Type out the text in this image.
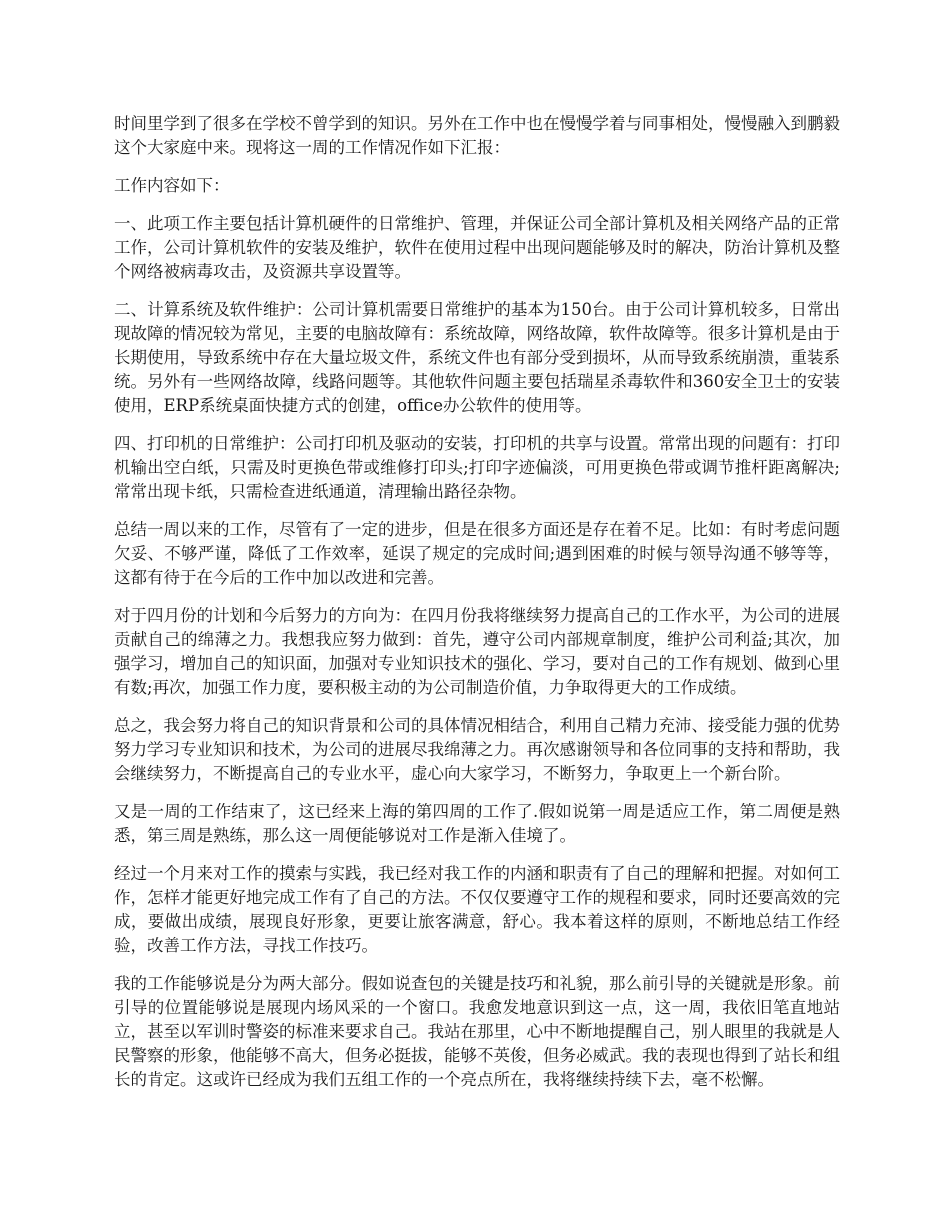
时间里学到了很多在学校不曾学到的知识。另外在工作中也在慢慢学着与同事相处，慢慢融入到鹏毅这个大家庭中来。现将这一周的工作情况作如下汇报：

工作内容如下：

一、此项工作主要包括计算机硬件的日常维护、管理，并保证公司全部计算机及相关网络产品的正常工作，公司计算机软件的安装及维护，软件在使用过程中出现问题能够及时的解决，防治计算机及整个网络被病毒攻击，及资源共享设置等。

二、计算系统及软件维护：公司计算机需要日常维护的基本为150台。由于公司计算机较多，日常出现故障的情况较为常见，主要的电脑故障有：系统故障，网络故障，软件故障等。很多计算机是由于长期使用，导致系统中存在大量垃圾文件，系统文件也有部分受到损坏，从而导致系统崩溃，重装系统。另外有一些网络故障，线路问题等。其他软件问题主要包括瑞星杀毒软件和360安全卫士的安装使用，ERP系统桌面快捷方式的创建，office办公软件的使用等。

四、打印机的日常维护：公司打印机及驱动的安装，打印机的共享与设置。常常出现的问题有：打印机输出空白纸，只需及时更换色带或维修打印头;打印字迹偏淡，可用更换色带或调节推杆距离解决;常常出现卡纸，只需检查进纸通道，清理输出路径杂物。

总结一周以来的工作，尽管有了一定的进步，但是在很多方面还是存在着不足。比如：有时考虑问题欠妥、不够严谨，降低了工作效率，延误了规定的完成时间;遇到困难的时候与领导沟通不够等等，这都有待于在今后的工作中加以改进和完善。

对于四月份的计划和今后努力的方向为：在四月份我将继续努力提高自己的工作水平，为公司的进展贡献自己的绵薄之力。我想我应努力做到：首先，遵守公司内部规章制度，维护公司利益;其次，加强学习，增加自己的知识面，加强对专业知识技术的强化、学习，要对自己的工作有规划、做到心里有数;再次，加强工作力度，要积极主动的为公司制造价值，力争取得更大的工作成绩。

总之，我会努力将自己的知识背景和公司的具体情况相结合，利用自己精力充沛、接受能力强的优势努力学习专业知识和技术，为公司的进展尽我绵薄之力。再次感谢领导和各位同事的支持和帮助，我会继续努力，不断提高自己的专业水平，虚心向大家学习，不断努力，争取更上一个新台阶。

又是一周的工作结束了，这已经来上海的第四周的工作了.假如说第一周是适应工作，第二周便是熟悉，第三周是熟练，那么这一周便能够说对工作是渐入佳境了。

经过一个月来对工作的摸索与实践，我已经对我工作的内涵和职责有了自己的理解和把握。对如何工作，怎样才能更好地完成工作有了自己的方法。不仅仅要遵守工作的规程和要求，同时还要高效的完成，要做出成绩，展现良好形象，更要让旅客满意，舒心。我本着这样的原则，不断地总结工作经验，改善工作方法，寻找工作技巧。

我的工作能够说是分为两大部分。假如说查包的关键是技巧和礼貌，那么前引导的关键就是形象。前引导的位置能够说是展现内场风采的一个窗口。我愈发地意识到这一点，这一周，我依旧笔直地站立，甚至以军训时警姿的标准来要求自己。我站在那里，心中不断地提醒自己，别人眼里的我就是人民警察的形象，他能够不高大，但务必挺拔，能够不英俊，但务必威武。我的表现也得到了站长和组长的肯定。这或许已经成为我们五组工作的一个亮点所在，我将继续持续下去，毫不松懈。
